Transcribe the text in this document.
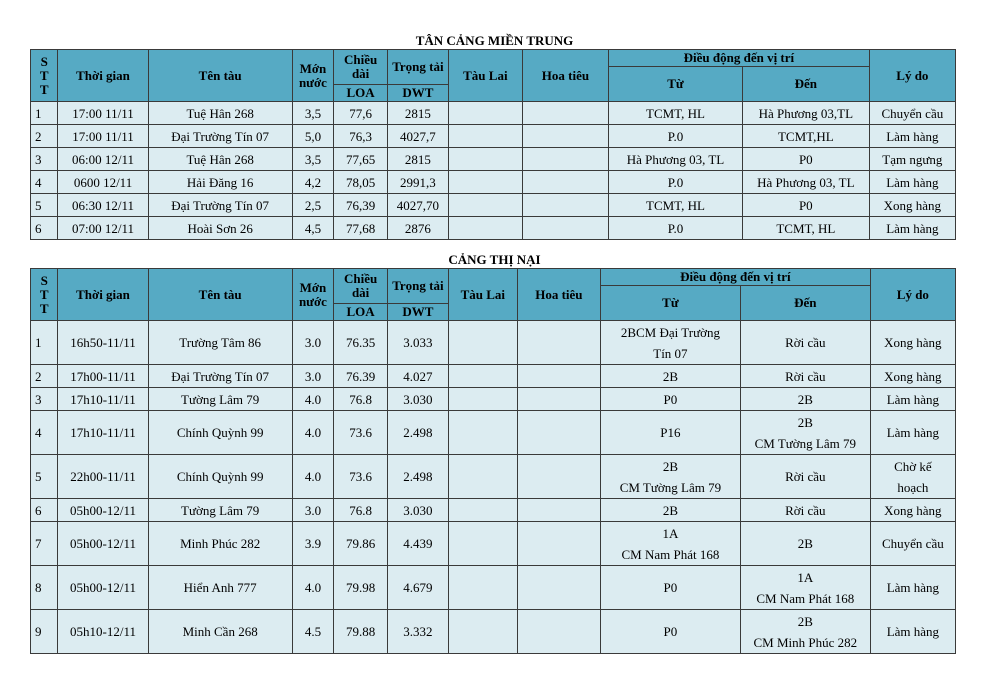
TÂN CẢNG MIỀN TRUNG
S
T
T	Thời gian	Tên tàu	Mớn
nước	Chiều
dài	Trọng tải	Tàu Lai	Hoa tiêu	Điều động đến vị trí		Lý do
								Từ	Đến	
				LOA	DWT					
1	17:00 11/11	Tuệ Hân 268	3,5	77,6	2815			TCMT, HL	Hà Phương 03,TL	Chuyển cầu
2	17:00 11/11	Đại Trường Tín 07	5,0	76,3	4027,7			P.0	TCMT,HL	Làm hàng
3	06:00 12/11	Tuệ Hân 268	3,5	77,65	2815			Hà Phương 03, TL	P0	Tạm ngưng
4	0600 12/11	Hải Đăng 16	4,2	78,05	2991,3			P.0	Hà Phương 03, TL	Làm hàng
5	06:30 12/11	Đại Trường Tín 07	2,5	76,39	4027,70			TCMT, HL	P0	Xong hàng
6	07:00 12/11	Hoài Sơn 26	4,5	77,68	2876			P.0	TCMT, HL	Làm hàng
CẢNG THỊ NẠI
S
T
T	Thời gian	Tên tàu	Mớn
nước	Chiều
dài	Trọng tải	Tàu Lai	Hoa tiêu	Điều động đến vị trí		Lý do
								Từ	Đến	
				LOA	DWT					
1	16h50-11/11	Trường Tâm 86	3.0	76.35	3.033			2BCM Đại Trường
Tín 07	Rời cầu	Xong hàng
2	17h00-11/11	Đại Trường Tín 07	3.0	76.39	4.027			2B	Rời cầu	Xong hàng
3	17h10-11/11	Tường Lâm 79	4.0	76.8	3.030			P0	2B	Làm hàng
4	17h10-11/11	Chính Quỳnh 99	4.0	73.6	2.498			P16	2B
CM Tường Lâm 79	Làm hàng
5	22h00-11/11	Chính Quỳnh 99	4.0	73.6	2.498			2B
CM Tường Lâm 79	Rời cầu	Chờ kế
hoạch
6	05h00-12/11	Tường Lâm 79	3.0	76.8	3.030			2B	Rời cầu	Xong hàng
7	05h00-12/11	Minh Phúc 282	3.9	79.86	4.439			1A
CM Nam Phát 168	2B	Chuyển cầu
8	05h00-12/11	Hiển Anh 777	4.0	79.98	4.679			P0	1A
CM Nam Phát 168	Làm hàng
9	05h10-12/11	Minh Cần 268	4.5	79.88	3.332			P0	2B
CM Minh Phúc 282	Làm hàng
